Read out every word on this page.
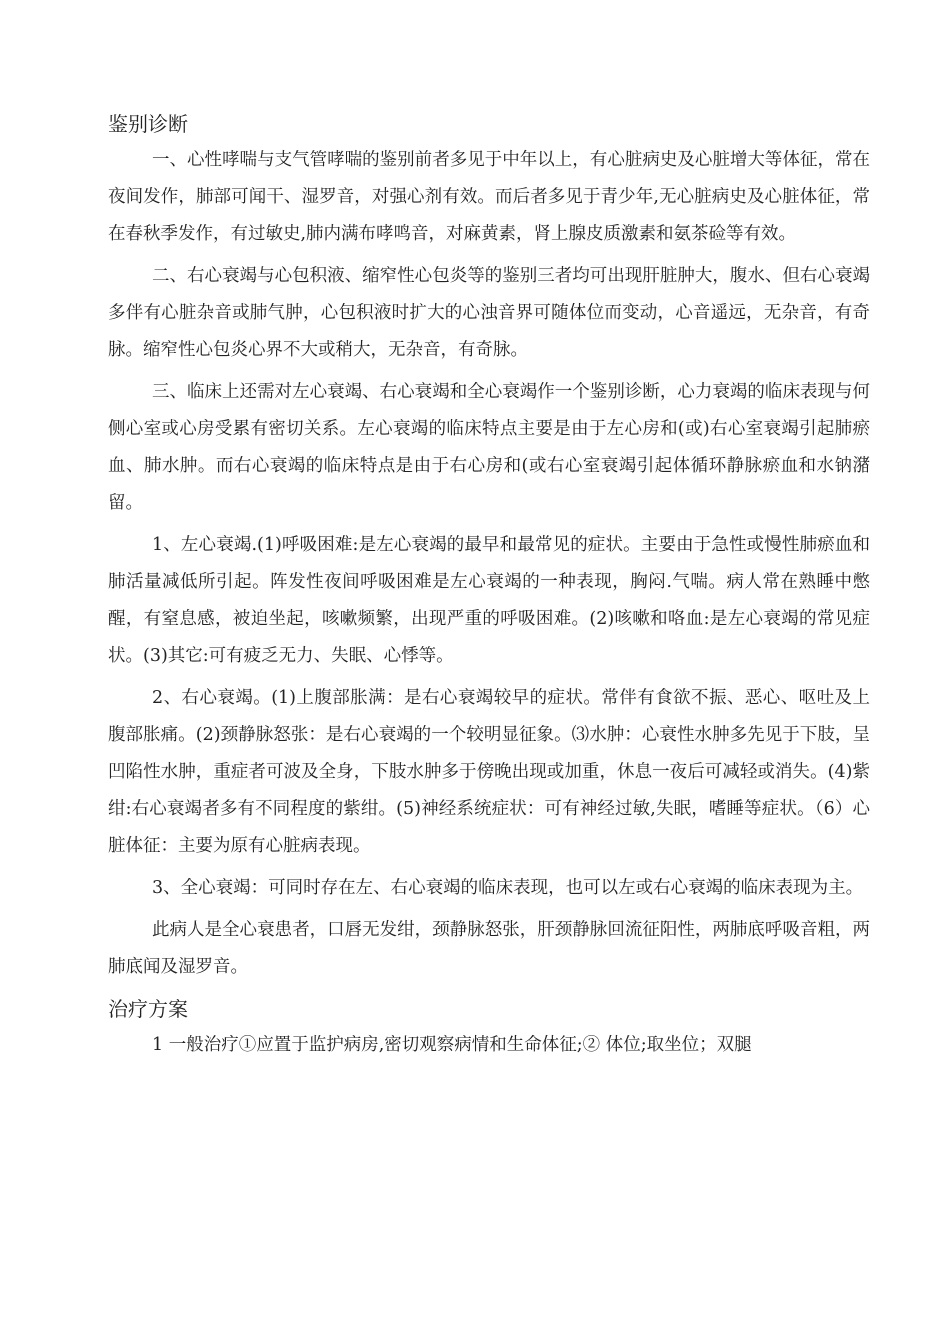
鉴别诊断

一、心性哮喘与支气管哮喘的鉴别前者多见于中年以上，有心脏病史及心脏增大等体征，常在夜间发作，肺部可闻干、湿罗音，对强心剂有效。而后者多见于青少年,无心脏病史及心脏体征，常在春秋季发作，有过敏史,肺内满布哮鸣音，对麻黄素，肾上腺皮质激素和氨茶硷等有效。

二、右心衰竭与心包积液、缩窄性心包炎等的鉴别三者均可出现肝脏肿大，腹水、但右心衰竭多伴有心脏杂音或肺气肿，心包积液时扩大的心浊音界可随体位而变动，心音遥远，无杂音，有奇脉。缩窄性心包炎心界不大或稍大，无杂音，有奇脉。

三、临床上还需对左心衰竭、右心衰竭和全心衰竭作一个鉴别诊断，心力衰竭的临床表现与何侧心室或心房受累有密切关系。左心衰竭的临床特点主要是由于左心房和(或)右心室衰竭引起肺瘀血、肺水肿。而右心衰竭的临床特点是由于右心房和(或右心室衰竭引起体循环静脉瘀血和水钠潴留。

1、左心衰竭.(1)呼吸困难:是左心衰竭的最早和最常见的症状。主要由于急性或慢性肺瘀血和肺活量减低所引起。阵发性夜间呼吸困难是左心衰竭的一种表现，胸闷.气喘。病人常在熟睡中憋醒，有窒息感，被迫坐起，咳嗽频繁，出现严重的呼吸困难。(2)咳嗽和咯血:是左心衰竭的常见症状。(3)其它:可有疲乏无力、失眠、心悸等。

2、右心衰竭。(1)上腹部胀满：是右心衰竭较早的症状。常伴有食欲不振、恶心、呕吐及上腹部胀痛。(2)颈静脉怒张：是右心衰竭的一个较明显征象。⑶水肿：心衰性水肿多先见于下肢，呈凹陷性水肿，重症者可波及全身，下肢水肿多于傍晚出现或加重，休息一夜后可减轻或消失。(4)紫绀:右心衰竭者多有不同程度的紫绀。(5)神经系统症状：可有神经过敏,失眠，嗜睡等症状。（6）心脏体征：主要为原有心脏病表现。

3、全心衰竭：可同时存在左、右心衰竭的临床表现，也可以左或右心衰竭的临床表现为主。

此病人是全心衰患者，口唇无发绀，颈静脉怒张，肝颈静脉回流征阳性，两肺底呼吸音粗，两肺底闻及湿罗音。

治疗方案

1 一般治疗①应置于监护病房,密切观察病情和生命体征;② 体位;取坐位；双腿
